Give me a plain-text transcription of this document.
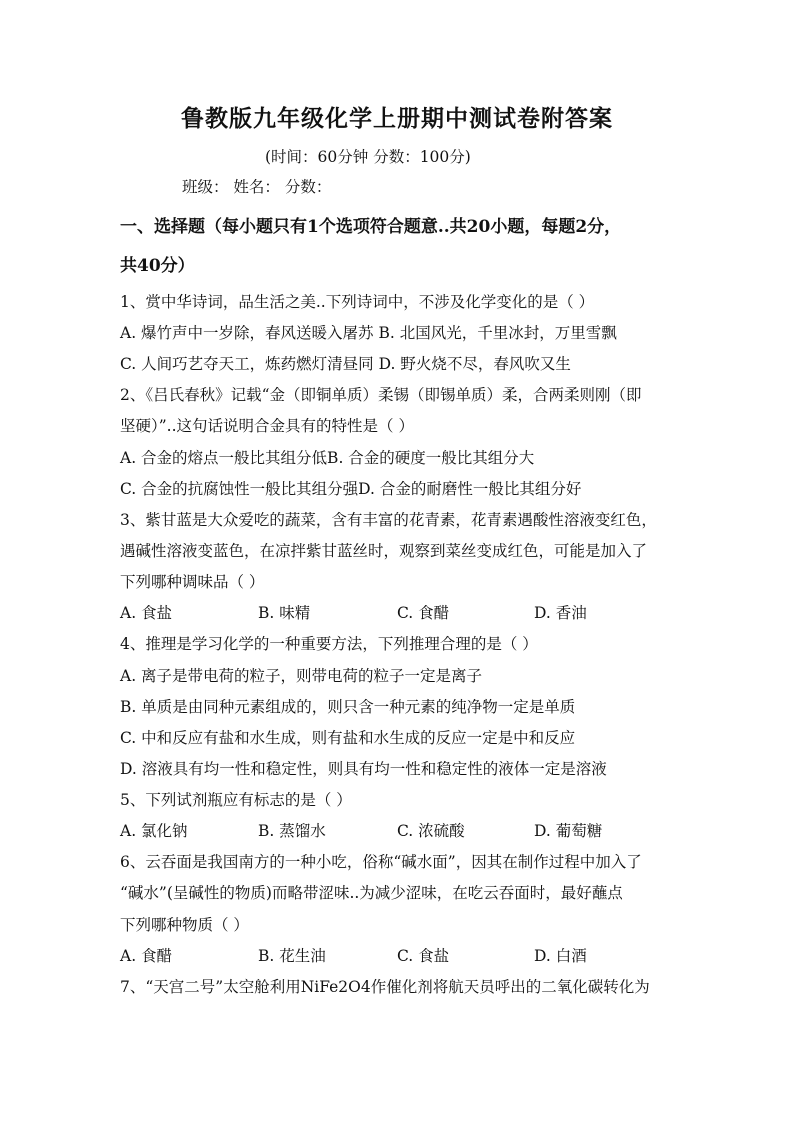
鲁教版九年级化学上册期中测试卷附答案
(时间：60分钟 分数：100分)
班级： 姓名： 分数：
一、选择题（每小题只有1个选项符合题意..共20小题，每题2分，
共40分）
1、赏中华诗词，品生活之美..下列诗词中，不涉及化学变化的是（ ）
A. 爆竹声中一岁除，春风送暖入屠苏 B. 北国风光，千里冰封，万里雪飘
C. 人间巧艺夺天工，炼药燃灯清昼同 D. 野火烧不尽，春风吹又生
2、《吕氏春秋》记载“金（即铜单质）柔锡（即锡单质）柔，合两柔则刚（即
坚硬）”..这句话说明合金具有的特性是（ ）
A. 合金的熔点一般比其组分低B. 合金的硬度一般比其组分大
C. 合金的抗腐蚀性一般比其组分强D. 合金的耐磨性一般比其组分好
3、紫甘蓝是大众爱吃的蔬菜，含有丰富的花青素，花青素遇酸性溶液变红色，
遇碱性溶液变蓝色，在凉拌紫甘蓝丝时，观察到菜丝变成红色，可能是加入了
下列哪种调味品（ ）
A. 食盐	B. 味精	C. 食醋	D. 香油
4、推理是学习化学的一种重要方法，下列推理合理的是（ ）
A. 离子是带电荷的粒子，则带电荷的粒子一定是离子
B. 单质是由同种元素组成的，则只含一种元素的纯净物一定是单质
C. 中和反应有盐和水生成，则有盐和水生成的反应一定是中和反应
D. 溶液具有均一性和稳定性，则具有均一性和稳定性的液体一定是溶液
5、下列试剂瓶应有标志的是（ ）
A. 氯化钠	B. 蒸馏水	C. 浓硫酸	D. 葡萄糖
6、云吞面是我国南方的一种小吃，俗称“碱水面”，因其在制作过程中加入了
“碱水”(呈碱性的物质)而略带涩味..为减少涩味，在吃云吞面时，最好蘸点
下列哪种物质（ ）
A. 食醋	B. 花生油	C. 食盐	D. 白酒
7、“天宫二号”太空舱利用NiFe2O4作催化剂将航天员呼出的二氧化碳转化为
